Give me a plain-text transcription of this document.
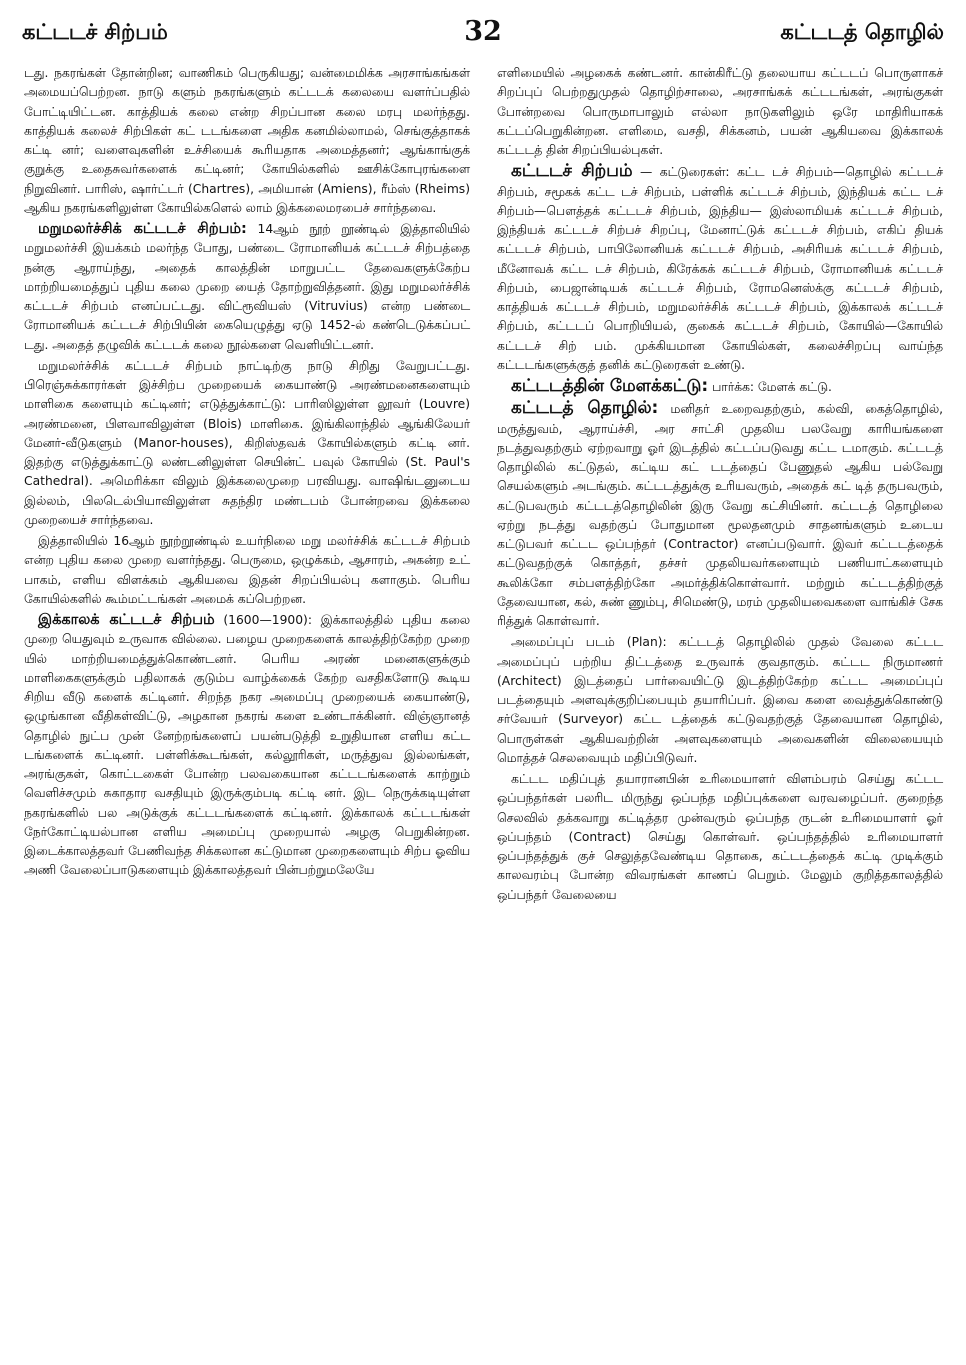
கட்டடச் சிற்பம்	32	கட்டடத் தொழில்

டது. நகரங்கள் தோன்றின; வாணிகம் பெருகியது; வன்மைமிக்க அரசாங்கங்கள் அமையப்பெற்றன. நாடு களும் நகரங்களும் கட்டடக் கலையை வளர்ப்பதில் போட்டியிட்டன. காத்தியக் கலை என்ற சிறப்பான கலை மரபு மலர்ந்தது. காத்தியக் கலைச் சிற்பிகள் கட் டடங்களை அதிக கனமில்லாமல், செங்குத்தாகக் கட்டி னர்; வளைவுகளின் உச்சியைக் கூரியதாக அமைத்தனர்; ஆங்காங்குக் குறுக்கு உதைசுவர்களைக் கட்டினர்; கோயில்களில் ஊசிக்கோபுரங்களை நிறுவினர். பாரிஸ், ஷார்ட்டர் (Chartres), அமியான் (Amiens), ரீம்ஸ் (Rheims) ஆகிய நகரங்களிலுள்ள கோயில்களெல் லாம் இக்கலைமரபைச் சார்ந்தவை.

மறுமலர்ச்சிக் கட்டடச் சிற்பம்: 14ஆம் நூற் றூண்டில் இத்தாலியில் மறுமலர்ச்சி இயக்கம் மலர்ந்த போது, பண்டை ரோமானியக் கட்டடச் சிற்பத்தை நன்கு ஆராய்ந்து, அதைக் காலத்தின் மாறுபட்ட தேவைகளுக்கேற்ப மாற்றியமைத்துப் புதிய கலை முறை யைத் தோற்றுவித்தனர். இது மறுமலர்ச்சிக் கட்டடச் சிற்பம் எனப்பட்டது. விட்ரூவியஸ் (Vitruvius) என்ற பண்டை ரோமானியக் கட்டடச் சிற்பியின் கையெழுத்து ஏடு 1452-ல் கண்டெடுக்கப்பட் டது. அதைத் தழுவிக் கட்டடக் கலை நூல்களை வெளியிட்டனர்.

மறுமலர்ச்சிக் கட்டடச் சிற்பம் நாட்டிற்கு நாடு சிறிது வேறுபட்டது. பிரெஞ்சுக்காரர்கள் இச்சிற்ப முறையைக் கையாண்டு அரண்மனைகளையும் மாளிகை களையும் கட்டினர்; எடுத்துக்காட்டு: பாரிஸிலுள்ள லூவர் (Louvre) அரண்மனை, பிளவாவிலுள்ள (Blois) மாளிகை. இங்கிலாந்தில் ஆங்கிலேயர் மேனர்-வீடுகளும் (Manor-houses), கிறிஸ்தவக் கோயில்களும் கட்டி னர். இதற்கு எடுத்துக்காட்டு லண்டனிலுள்ள செயின்ட் பவுல் கோயில் (St. Paul's Cathedral). அமெரிக்கா விலும் இக்கலைமுறை பரவியது. வாஷிங்டனுடைய இல்லம், பிலடெல்பியாவிலுள்ள சுதந்திர மண்டபம் போன்றவை இக்கலை முறையைச் சார்ந்தவை.

இத்தாலியில் 16ஆம் நூற்றூண்டில் உயர்நிலை மறு மலர்ச்சிக் கட்டடச் சிற்பம் என்ற புதிய கலை முறை வளர்ந்தது. பெருமை, ஒழுக்கம், ஆசாரம், அகன்ற உட் பாகம், எளிய விளக்கம் ஆகியவை இதன் சிறப்பியல்பு களாகும். பெரிய கோயில்களில் கூம்மட்டங்கள் அமைக் கப்பெற்றன.

இக்காலக் கட்டடச் சிற்பம் (1600—1900): இக்காலத்தில் புதிய கலை முறை யெதுவும் உருவாக வில்லை. பழைய முறைகளைக் காலத்திற்கேற்ற முறை யில் மாற்றியமைத்துக்கொண்டனர். பெரிய அரண் மனைகளுக்கும் மாளிகைகளுக்கும் பதிலாகக் குடும்ப வாழ்க்கைக் கேற்ற வசதிகளோடு கூடிய சிறிய வீடு களைக் கட்டினர். சிறந்த நகர அமைப்பு முறையைக் கையாண்டு, ஒழுங்கான வீதிகள்விட்டு, அழகான நகரங் களை உண்டாக்கினர். விஞ்ஞானத் தொழில் நுட்ப முன் னேற்றங்களைப் பயன்படுத்தி உறுதியான எளிய கட்ட டங்களைக் கட்டினர். பள்ளிக்கூடங்கள், கல்லூரிகள், மருத்துவ இல்லங்கள், அரங்குகள், கொட்டகைள் போன்ற பலவகையான கட்டடங்களைக் காற்றும் வெளிச்சமும் சுகாதார வசதியும் இருக்கும்படி கட்டி னர். இட நெருக்கடியுள்ள நகரங்களில் பல அடுக்குக் கட்டடங்களைக் கட்டினர். இக்காலக் கட்டடங்கள் நேர்கோட்டியல்பான எளிய அமைப்பு முறையால் அழகு பெறுகின்றன. இடைக்காலத்தவர் பேணிவந்த சிக்கலான கட்டுமான முறைகளையும் சிற்ப ஓவிய அணி வேலைப்பாடுகளையும் இக்காலத்தவர் பின்பற்றுமலேயே

எளிமையில் அழகைக் கண்டனர். கான்கிரீட்டு தலையாய கட்டடப் பொருளாகச் சிறப்புப் பெற்றதுமுதல் தொழிற்சாலை, அரசாங்கக் கட்டடங்கள், அரங்குகள் போன்றவை பொருமாபாலும் எல்லா நாடுகளிலும் ஒரே மாதிரியாகக் கட்டப்பெறுகின்றன. எளிமை, வசதி, சிக்கனம், பயன் ஆகியவை இக்காலக் கட்டடத் தின் சிறப்பியல்புகள்.

கட்டடச் சிற்பம் — கட்டுரைகள்: கட்ட டச் சிற்பம்—தொழில் கட்டடச் சிற்பம், சமூகக் கட்ட டச் சிற்பம், பள்ளிக் கட்டடச் சிற்பம், இந்தியக் கட்ட டச் சிற்பம்—பௌத்தக் கட்டடச் சிற்பம், இந்திய— இஸ்லாமியக் கட்டடச் சிற்பம், இந்தியக் கட்டடச் சிற்பச் சிறப்பு, மேனாட்டுக் கட்டடச் சிற்பம், எகிப் தியக் கட்டடச் சிற்பம், பாபிலோனியக் கட்டடச் சிற்பம், அசிரியக் கட்டடச் சிற்பம், மீனோவக் கட்ட டச் சிற்பம், கிரேக்கக் கட்டடச் சிற்பம், ரோமானியக் கட்டடச் சிற்பம், பைஜான்டியக் கட்டடச் சிற்பம், ரோமனெஸ்க்கு கட்டடச் சிற்பம், காத்தியக் கட்டடச் சிற்பம், மறுமலர்ச்சிக் கட்டடச் சிற்பம், இக்காலக் கட்டடச் சிற்பம், கட்டடப் பொறியியல், குகைக் கட்டடச் சிற்பம், கோயில்—கோயில் கட்டடச் சிற் பம். முக்கியமான கோயில்கள், கலைச்சிறப்பு வாய்ந்த கட்டடங்களுக்குத் தனிக் கட்டுரைகள் உண்டு.

கட்டடத்தின் மேளக்கட்டு: பார்க்க: மேளக் கட்டு.

கட்டடத் தொழில்: மனிதர் உறைவதற்கும், கல்வி, கைத்தொழில், மருத்துவம், ஆராய்ச்சி, அர சாட்சி முதலிய பலவேறு காரியங்களை நடத்துவதற்கும் ஏற்றவாறு ஓர் இடத்தில் கட்டப்படுவது கட்ட டமாகும். கட்டடத் தொழிலில் கட்டுதல், கட்டிய கட் டடத்தைப் பேணுதல் ஆகிய பல்வேறு செயல்களும் அடங்கும். கட்டடத்துக்கு உரியவரும், அதைக் கட் டித் தருபவரும், கட்டுபவரும் கட்டடத்தொழிலின் இரு வேறு கட்சியினர். கட்டடத் தொழிலை ஏற்று நடத்து வதற்குப் போதுமான மூலதனமும் சாதனங்களும் உடைய கட்டுபவர் கட்டட ஒப்பந்தர் (Contractor) எனப்படுவார். இவர் கட்டடத்தைக் கட்டுவதற்குக் கொத்தர், தச்சர் முதலியவர்களையும் பணியாட்களையும் கூலிக்கோ சம்பளத்திற்கோ அமர்த்திக்கொள்வார். மற்றும் கட்டடத்திற்குத் தேவையான, கல், சுண் ணும்பு, சிமெண்டு, மரம் முதலியவைகளை வாங்கிச் சேக ரித்துக் கொள்வார்.

அமைப்புப் படம் (Plan): கட்டடத் தொழிலில் முதல் வேலை கட்டட அமைப்புப் பற்றிய திட்டத்தை உருவாக் குவதாகும். கட்டட நிருமாணர் (Architect) இடத்தைப் பார்வையிட்டு இடத்திற்கேற்ற கட்டட அமைப்புப் படத்தையும் அளவுக்குறிப்பையும் தயாரிப்பர். இவை களை வைத்துக்கொண்டு சர்வேயர் (Surveyor) கட்ட டத்தைக் கட்டுவதற்குத் தேவையான தொழில், பொருள்கள் ஆகியவற்றின் அளவுகளையும் அவைகளின் விலையையும் மொத்தச் செலவையும் மதிப்பிடுவர்.

கட்டட மதிப்புத் தயாரானபின் உரிமையாளர் விளம்பரம் செய்து கட்டட ஒப்பந்தர்கள் பலரிட மிருந்து ஒப்பந்த மதிப்புக்களை வரவழைப்பர். குறைந்த செலவில் தக்கவாறு கட்டித்தர முன்வரும் ஒப்பந்த ருடன் உரிமையாளர் ஓர் ஒப்பந்தம் (Contract) செய்து கொள்வர். ஒப்பந்தத்தில் உரிமையாளர் ஒப்பந்தத்துக் குச் செலுத்தவேண்டிய தொகை, கட்டடத்தைக் கட்டி முடிக்கும் காலவரம்பு போன்ற விவரங்கள் காணப் பெறும். மேலும் குறித்தகாலத்தில் ஒப்பந்தர் வேலையை
